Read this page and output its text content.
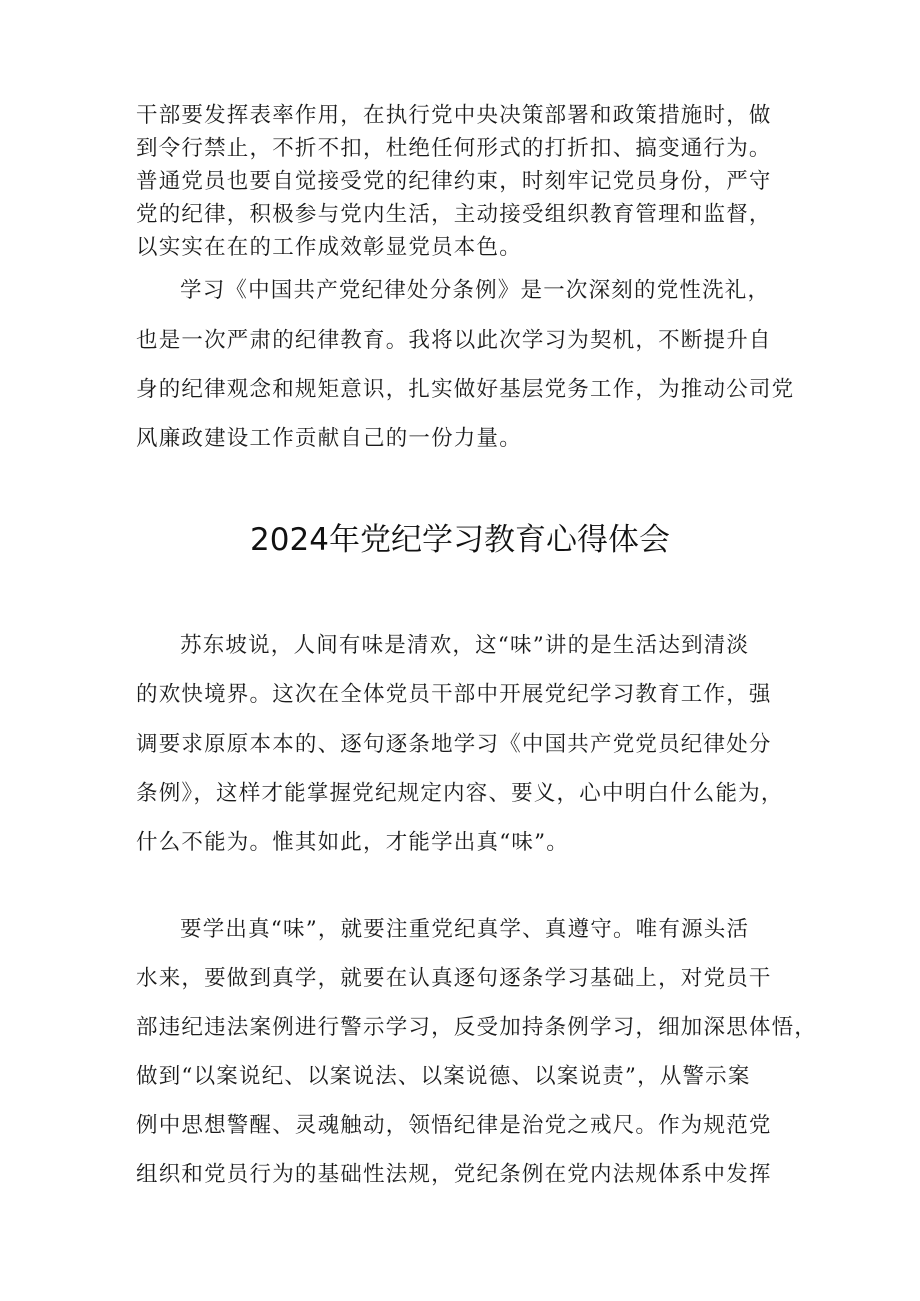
干部要发挥表率作用，在执行党中央决策部署和政策措施时，做
到令行禁止，不折不扣，杜绝任何形式的打折扣、搞变通行为。
普通党员也要自觉接受党的纪律约束，时刻牢记党员身份，严守
党的纪律，积极参与党内生活，主动接受组织教育管理和监督，
以实实在在的工作成效彰显党员本色。
学习《中国共产党纪律处分条例》是一次深刻的党性洗礼，
也是一次严肃的纪律教育。我将以此次学习为契机，不断提升自
身的纪律观念和规矩意识，扎实做好基层党务工作，为推动公司党
风廉政建设工作贡献自己的一份力量。
2024年党纪学习教育心得体会
苏东坡说，人间有味是清欢，这“味”讲的是生活达到清淡
的欢快境界。这次在全体党员干部中开展党纪学习教育工作，强
调要求原原本本的、逐句逐条地学习《中国共产党党员纪律处分
条例》，这样才能掌握党纪规定内容、要义，心中明白什么能为，
什么不能为。惟其如此，才能学出真“味”。
要学出真“味”，就要注重党纪真学、真遵守。唯有源头活
水来，要做到真学，就要在认真逐句逐条学习基础上，对党员干
部违纪违法案例进行警示学习，反受加持条例学习，细加深思体悟，
做到“以案说纪、以案说法、以案说德、以案说责”，从警示案
例中思想警醒、灵魂触动，领悟纪律是治党之戒尺。作为规范党
组织和党员行为的基础性法规，党纪条例在党内法规体系中发挥
